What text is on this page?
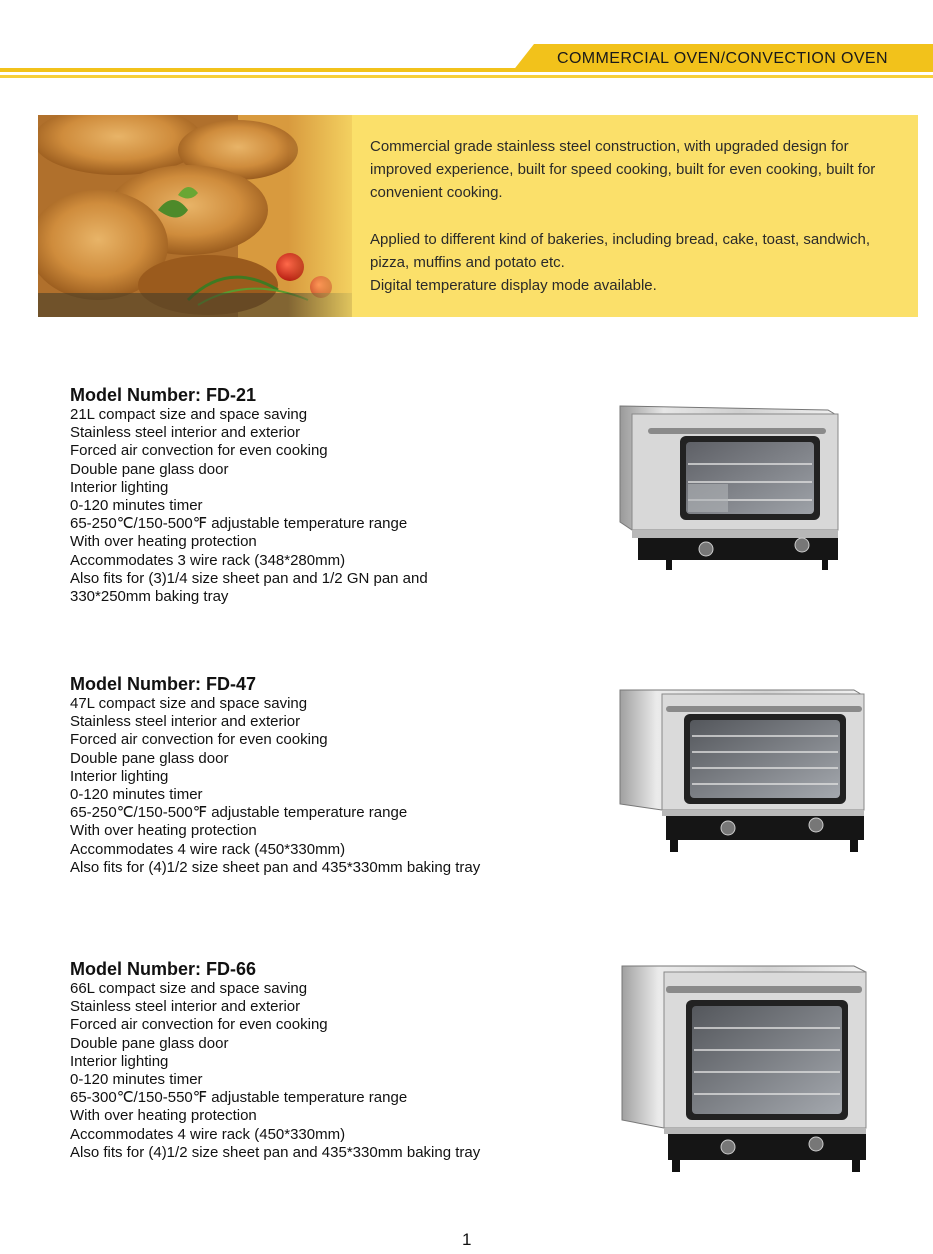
COMMERCIAL OVEN/CONVECTION OVEN

Commercial grade stainless steel construction, with upgraded design for improved experience, built for speed cooking, built for even cooking, built for convenient cooking.

Applied to different kind of bakeries, including bread, cake, toast, sandwich, pizza, muffins and potato etc.
Digital temperature display mode available.
Model Number: FD-21
21L compact size and space saving
Stainless steel interior and exterior
Forced air convection for even cooking
Double pane glass door
Interior lighting
0-120 minutes timer
65-250℃/150-500℉ adjustable temperature range
With over heating protection
Accommodates 3 wire rack (348*280mm)
Also fits for (3)1/4 size sheet pan and 1/2 GN pan and
330*250mm baking tray
Model Number: FD-47
47L compact size and space saving
Stainless steel interior and exterior
Forced air convection for even cooking
Double pane glass door
Interior lighting
0-120 minutes timer
65-250℃/150-500℉ adjustable temperature range
With over heating protection
Accommodates 4 wire rack (450*330mm)
Also fits for (4)1/2 size sheet pan and 435*330mm baking tray
Model Number: FD-66
66L compact size and space saving
Stainless steel interior and exterior
Forced air convection for even cooking
Double pane glass door
Interior lighting
0-120 minutes timer
65-300℃/150-550℉ adjustable temperature range
With over heating protection
Accommodates 4 wire rack (450*330mm)
Also fits for (4)1/2 size sheet pan and 435*330mm baking tray
1
